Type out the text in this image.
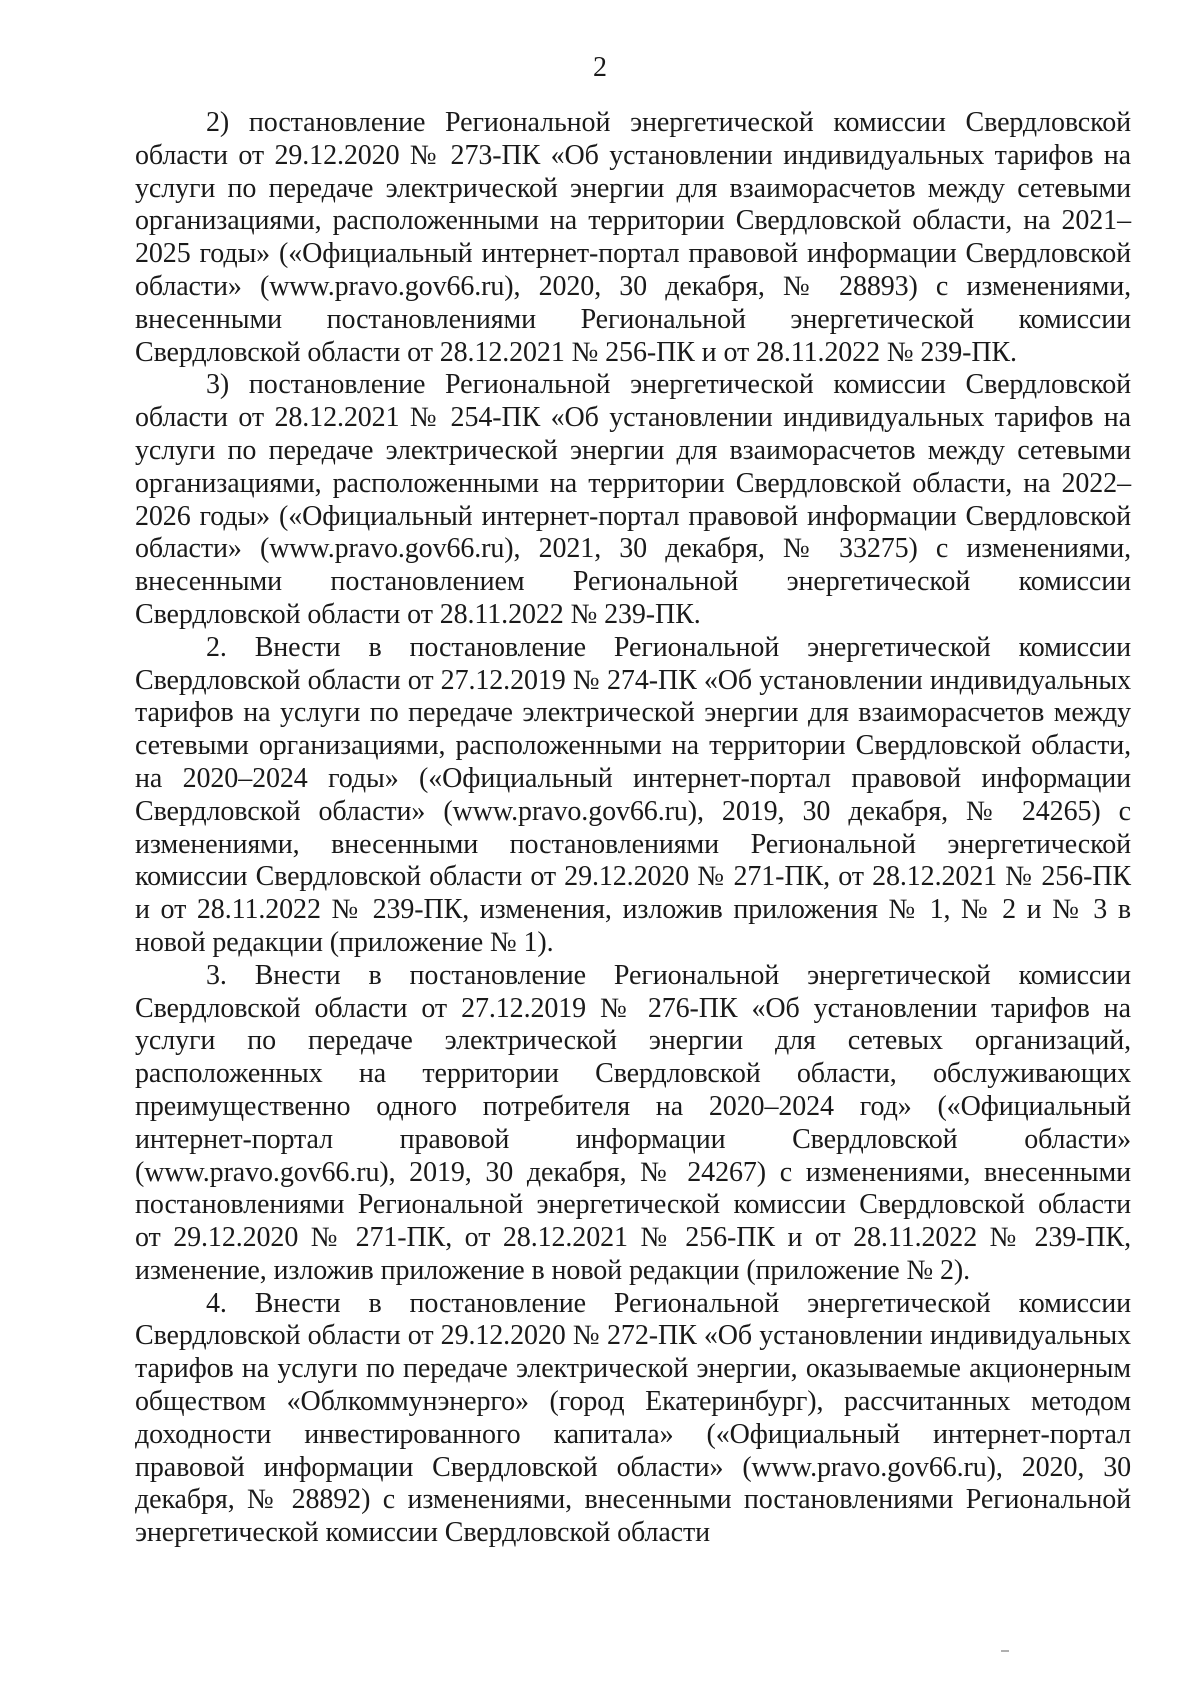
2

2) постановление Региональной энергетической комиссии Свердловской области от 29.12.2020 № 273-ПК «Об установлении индивидуальных тарифов на услуги по передаче электрической энергии для взаиморасчетов между сетевыми организациями, расположенными на территории Свердловской области, на 2021–2025 годы» («Официальный интернет-портал правовой информации Свердловской области» (www.pravo.gov66.ru), 2020, 30 декабря, № 28893) с изменениями, внесенными постановлениями Региональной энергетической комиссии Свердловской области от 28.12.2021 № 256-ПК и от 28.11.2022 № 239-ПК.

3) постановление Региональной энергетической комиссии Свердловской области от 28.12.2021 № 254-ПК «Об установлении индивидуальных тарифов на услуги по передаче электрической энергии для взаиморасчетов между сетевыми организациями, расположенными на территории Свердловской области, на 2022–2026 годы» («Официальный интернет-портал правовой информации Свердловской области» (www.pravo.gov66.ru), 2021, 30 декабря, № 33275) с изменениями, внесенными постановлением Региональной энергетической комиссии Свердловской области от 28.11.2022 № 239-ПК.

2. Внести в постановление Региональной энергетической комиссии Свердловской области от 27.12.2019 № 274-ПК «Об установлении индивидуальных тарифов на услуги по передаче электрической энергии для взаиморасчетов между сетевыми организациями, расположенными на территории Свердловской области, на 2020–2024 годы» («Официальный интернет-портал правовой информации Свердловской области» (www.pravo.gov66.ru), 2019, 30 декабря, № 24265) с изменениями, внесенными постановлениями Региональной энергетической комиссии Свердловской области от 29.12.2020 № 271-ПК, от 28.12.2021 № 256-ПК и от 28.11.2022 № 239-ПК, изменения, изложив приложения № 1, № 2 и № 3 в новой редакции (приложение № 1).

3. Внести в постановление Региональной энергетической комиссии Свердловской области от 27.12.2019 № 276-ПК «Об установлении тарифов на услуги по передаче электрической энергии для сетевых организаций, расположенных на территории Свердловской области, обслуживающих преимущественно одного потребителя на 2020–2024 год» («Официальный интернет-портал правовой информации Свердловской области» (www.pravo.gov66.ru), 2019, 30 декабря, № 24267) с изменениями, внесенными постановлениями Региональной энергетической комиссии Свердловской области от 29.12.2020 № 271-ПК, от 28.12.2021 № 256-ПК и от 28.11.2022 № 239-ПК, изменение, изложив приложение в новой редакции (приложение № 2).

4. Внести в постановление Региональной энергетической комиссии Свердловской области от 29.12.2020 № 272-ПК «Об установлении индивидуальных тарифов на услуги по передаче электрической энергии, оказываемые акционерным обществом «Облкоммунэнерго» (город Екатеринбург), рассчитанных методом доходности инвестированного капитала» («Официальный интернет-портал правовой информации Свердловской области» (www.pravo.gov66.ru), 2020, 30 декабря, № 28892) с изменениями, внесенными постановлениями Региональной энергетической комиссии Свердловской области
